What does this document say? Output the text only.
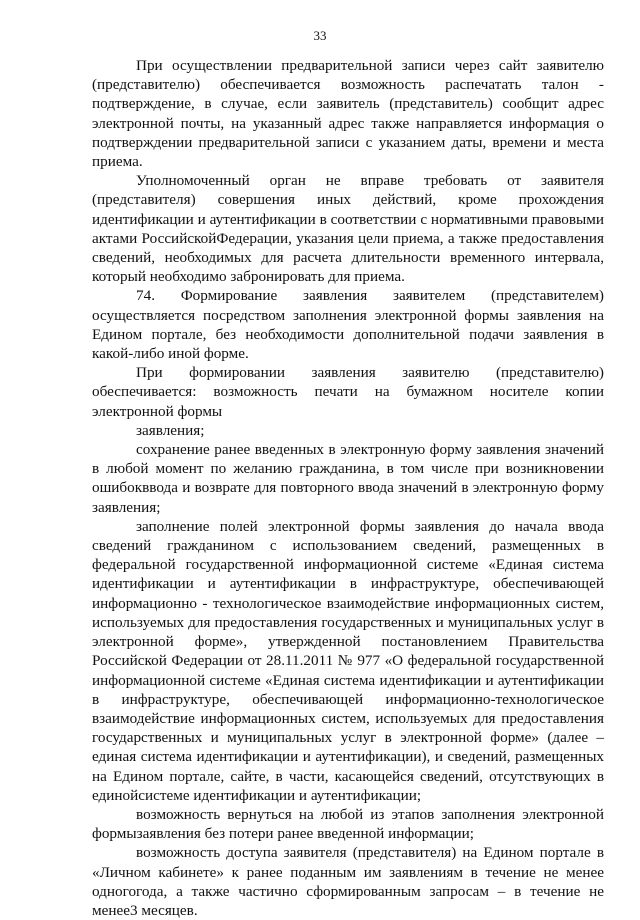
33

При осуществлении предварительной записи через сайт заявителю (представителю) обеспечивается возможность распечатать талон - подтверждение, в случае, если заявитель (представитель) сообщит адрес электронной почты, на указанный адрес также направляется информация о подтверждении предварительной записи с указанием даты, времени и места приема.

Уполномоченный орган не вправе требовать от заявителя (представителя) совершения иных действий, кроме прохождения идентификации и аутентификации в соответствии с нормативными правовыми актами РоссийскойФедерации, указания цели приема, а также предоставления сведений, необходимых для расчета длительности временного интервала, который необходимо забронировать для приема.

74. Формирование заявления заявителем (представителем) осуществляется посредством заполнения электронной формы заявления на Едином портале, без необходимости дополнительной подачи заявления в какой-либо иной форме.

При формировании заявления заявителю (представителю) обеспечивается: возможность печати на бумажном носителе копии электронной формы

заявления;

сохранение ранее введенных в электронную форму заявления значений в любой момент по желанию гражданина, в том числе при возникновении ошибокввода и возврате для повторного ввода значений в электронную форму заявления;

заполнение полей электронной формы заявления до начала ввода сведений гражданином с использованием сведений, размещенных в федеральной государственной информационной системе «Единая система идентификации и аутентификации в инфраструктуре, обеспечивающей информационно - технологическое взаимодействие информационных систем, используемых для предоставления государственных и муниципальных услуг в электронной форме», утвержденной постановлением Правительства Российской Федерации от 28.11.2011 № 977 «О федеральной государственной информационной системе «Единая система идентификации и аутентификации в инфраструктуре, обеспечивающей информационно-технологическое взаимодействие информационных систем, используемых для предоставления государственных и муниципальных услуг в электронной форме» (далее – единая система идентификации и аутентификации), и сведений, размещенных на Едином портале, сайте, в части, касающейся сведений, отсутствующих в единойсистеме идентификации и аутентификации;

возможность вернуться на любой из этапов заполнения электронной формызаявления без потери ранее введенной информации;

возможность доступа заявителя (представителя) на Едином портале в «Личном кабинете» к ранее поданным им заявлениям в течение не менее одногогода, а также частично сформированным запросам – в течение не менее3 месяцев.
